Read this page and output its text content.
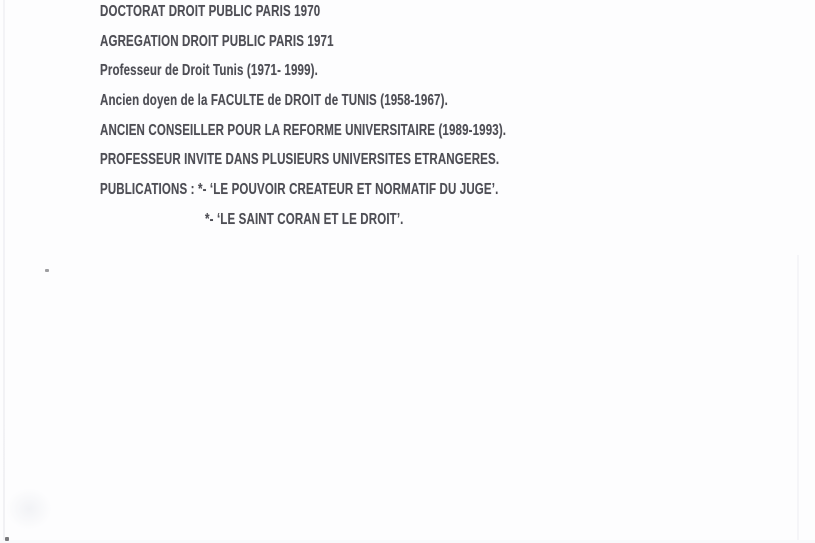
DOCTORAT DROIT PUBLIC PARIS 1970
AGREGATION DROIT PUBLIC PARIS 1971
Professeur de Droit Tunis (1971- 1999).
Ancien doyen de la FACULTE de DROIT de TUNIS (1958-1967).
ANCIEN CONSEILLER POUR LA REFORME UNIVERSITAIRE (1989-1993).
PROFESSEUR INVITE DANS PLUSIEURS UNIVERSITES ETRANGERES.
PUBLICATIONS : *- ‘LE POUVOIR CREATEUR ET NORMATIF DU JUGE’.
*- ‘LE SAINT CORAN ET LE DROIT’.
